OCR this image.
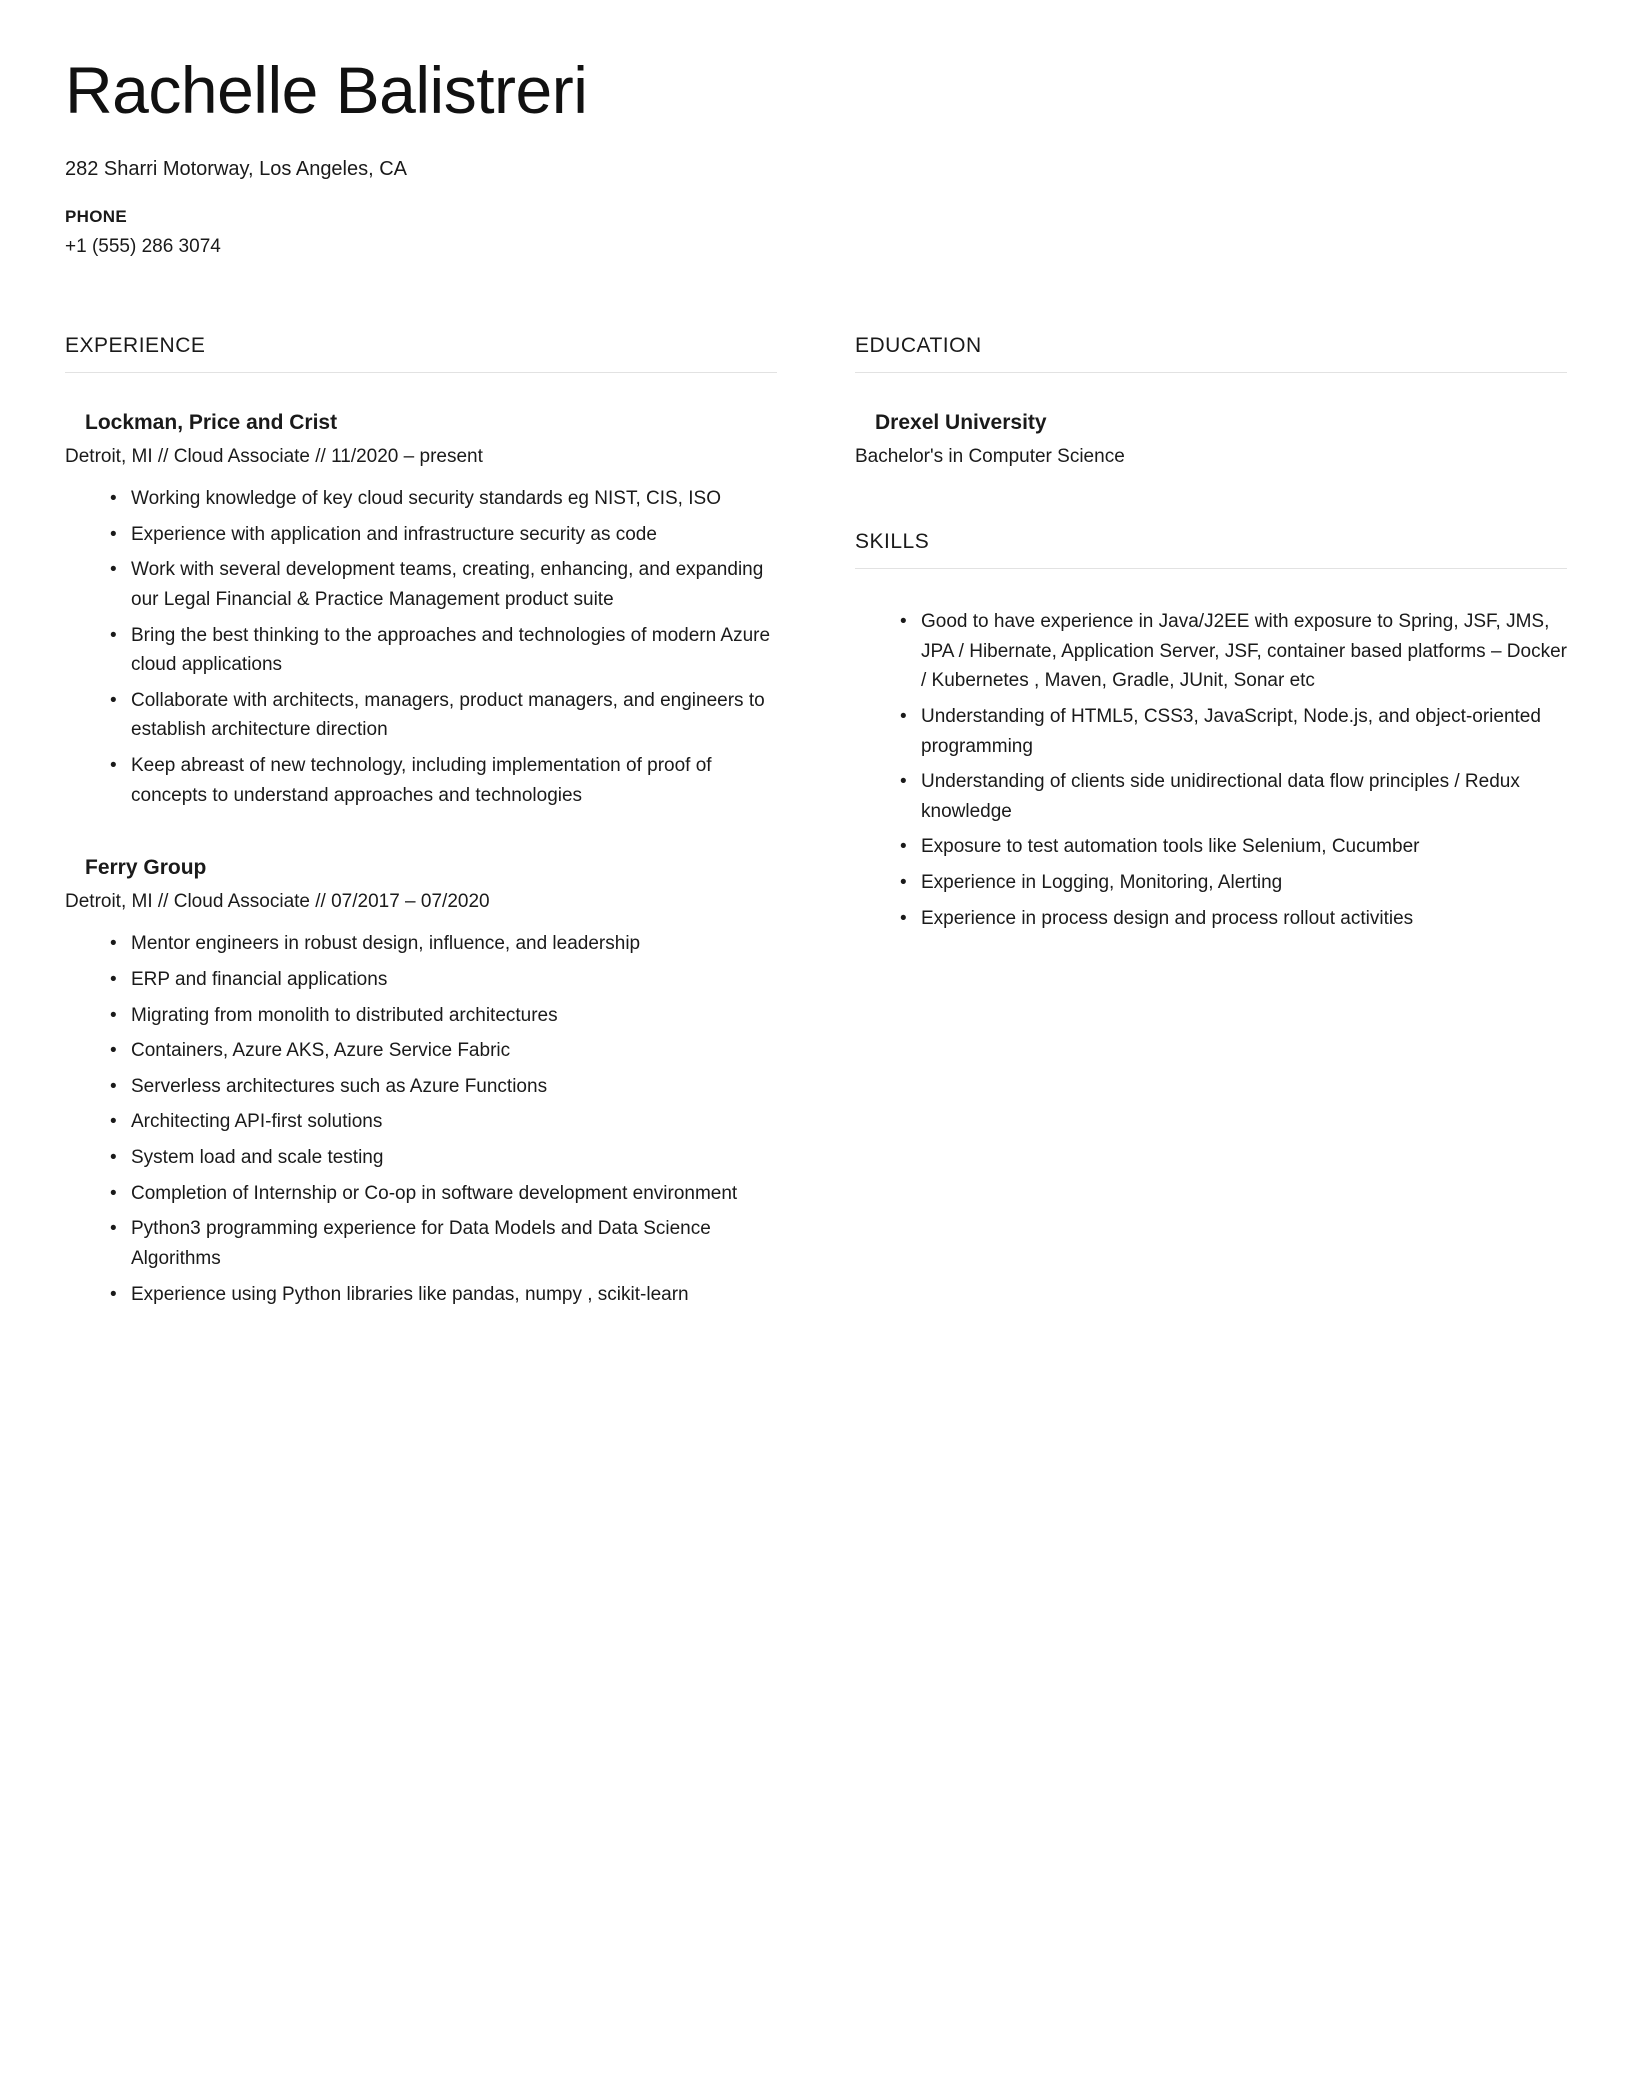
Rachelle Balistreri

282 Sharri Motorway, Los Angeles, CA

PHONE

+1 (555) 286 3074

EXPERIENCE
Lockman, Price and Crist

Detroit, MI // Cloud Associate // 11/2020 – present

• Working knowledge of key cloud security standards eg NIST, CIS, ISO
• Experience with application and infrastructure security as code
• Work with several development teams, creating, enhancing, and expanding our Legal Financial & Practice Management product suite
• Bring the best thinking to the approaches and technologies of modern Azure cloud applications
• Collaborate with architects, managers, product managers, and engineers to establish architecture direction
• Keep abreast of new technology, including implementation of proof of concepts to understand approaches and technologies
Ferry Group

Detroit, MI // Cloud Associate // 07/2017 – 07/2020

• Mentor engineers in robust design, influence, and leadership
• ERP and financial applications
• Migrating from monolith to distributed architectures
• Containers, Azure AKS, Azure Service Fabric
• Serverless architectures such as Azure Functions
• Architecting API-first solutions
• System load and scale testing
• Completion of Internship or Co-op in software development environment
• Python3 programming experience for Data Models and Data Science Algorithms
• Experience using Python libraries like pandas, numpy , scikit-learn
EDUCATION
Drexel University

Bachelor's in Computer Science

SKILLS
• Good to have experience in Java/J2EE with exposure to Spring, JSF, JMS, JPA / Hibernate, Application Server, JSF, container based platforms – Docker / Kubernetes , Maven, Gradle, JUnit, Sonar etc
• Understanding of HTML5, CSS3, JavaScript, Node.js, and object-oriented programming
• Understanding of clients side unidirectional data flow principles / Redux knowledge
• Exposure to test automation tools like Selenium, Cucumber
• Experience in Logging, Monitoring, Alerting
• Experience in process design and process rollout activities
